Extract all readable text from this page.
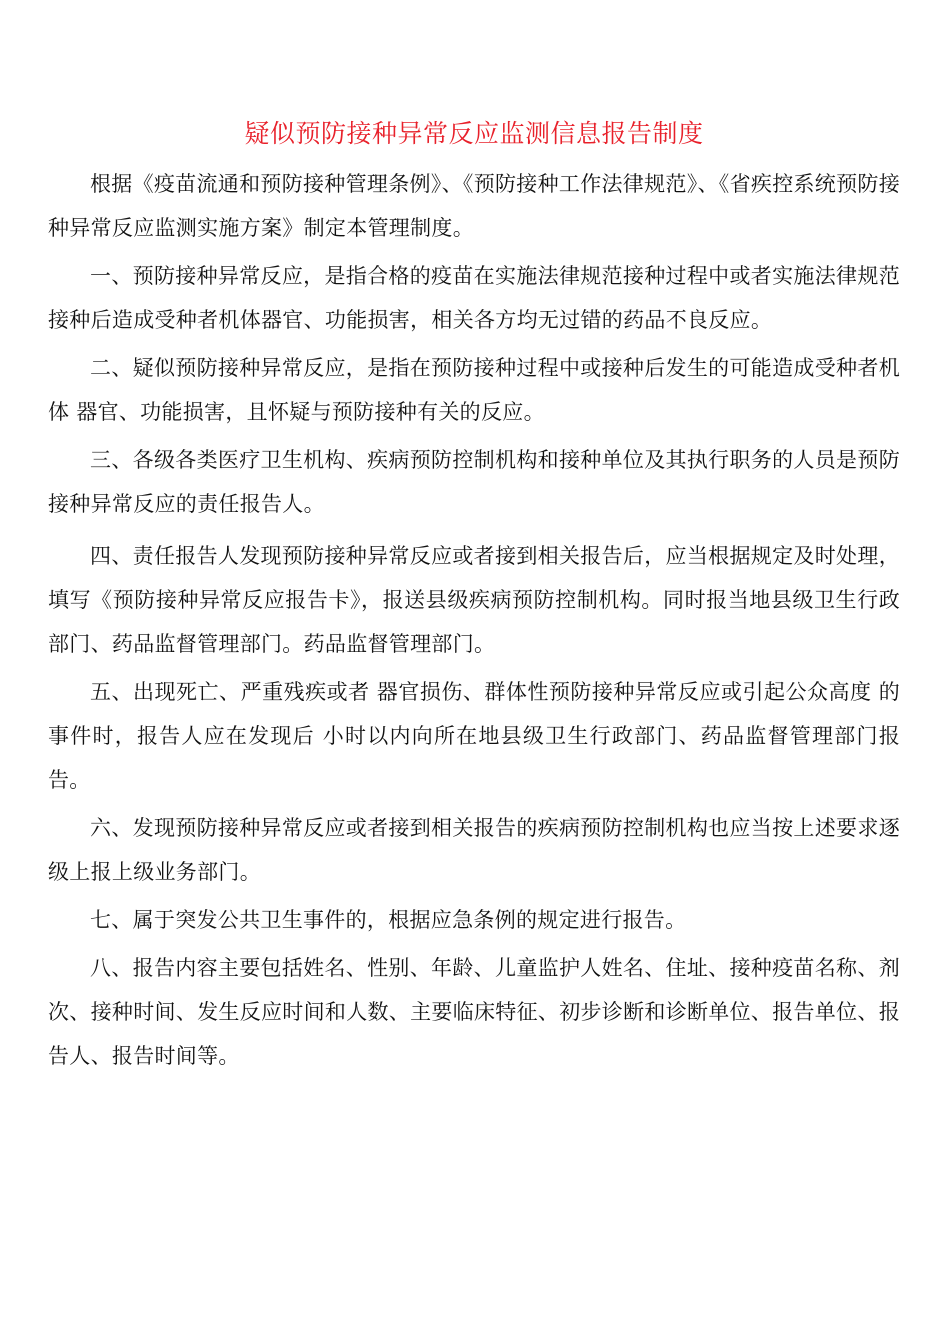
疑似预防接种异常反应监测信息报告制度

根据《疫苗流通和预防接种管理条例》、《预防接种工作法律规范》、《省疾控系统预防接种异常反应监测实施方案》制定本管理制度。

一、预防接种异常反应，是指合格的疫苗在实施法律规范接种过程中或者实施法律规范接种后造成受种者机体器官、功能损害，相关各方均无过错的药品不良反应。

二、疑似预防接种异常反应，是指在预防接种过程中或接种后发生的可能造成受种者机体 器官、功能损害，且怀疑与预防接种有关的反应。

三、各级各类医疗卫生机构、疾病预防控制机构和接种单位及其执行职务的人员是预防接种异常反应的责任报告人。

四、责任报告人发现预防接种异常反应或者接到相关报告后，应当根据规定及时处理，填写《预防接种异常反应报告卡》，报送县级疾病预防控制机构。同时报当地县级卫生行政部门、药品监督管理部门。药品监督管理部门。

五、出现死亡、严重残疾或者 器官损伤、群体性预防接种异常反应或引起公众高度 的事件时，报告人应在发现后 小时以内向所在地县级卫生行政部门、药品监督管理部门报告。

六、发现预防接种异常反应或者接到相关报告的疾病预防控制机构也应当按上述要求逐级上报上级业务部门。

七、属于突发公共卫生事件的，根据应急条例的规定进行报告。

八、报告内容主要包括姓名、性别、年龄、儿童监护人姓名、住址、接种疫苗名称、剂次、接种时间、发生反应时间和人数、主要临床特征、初步诊断和诊断单位、报告单位、报告人、报告时间等。
